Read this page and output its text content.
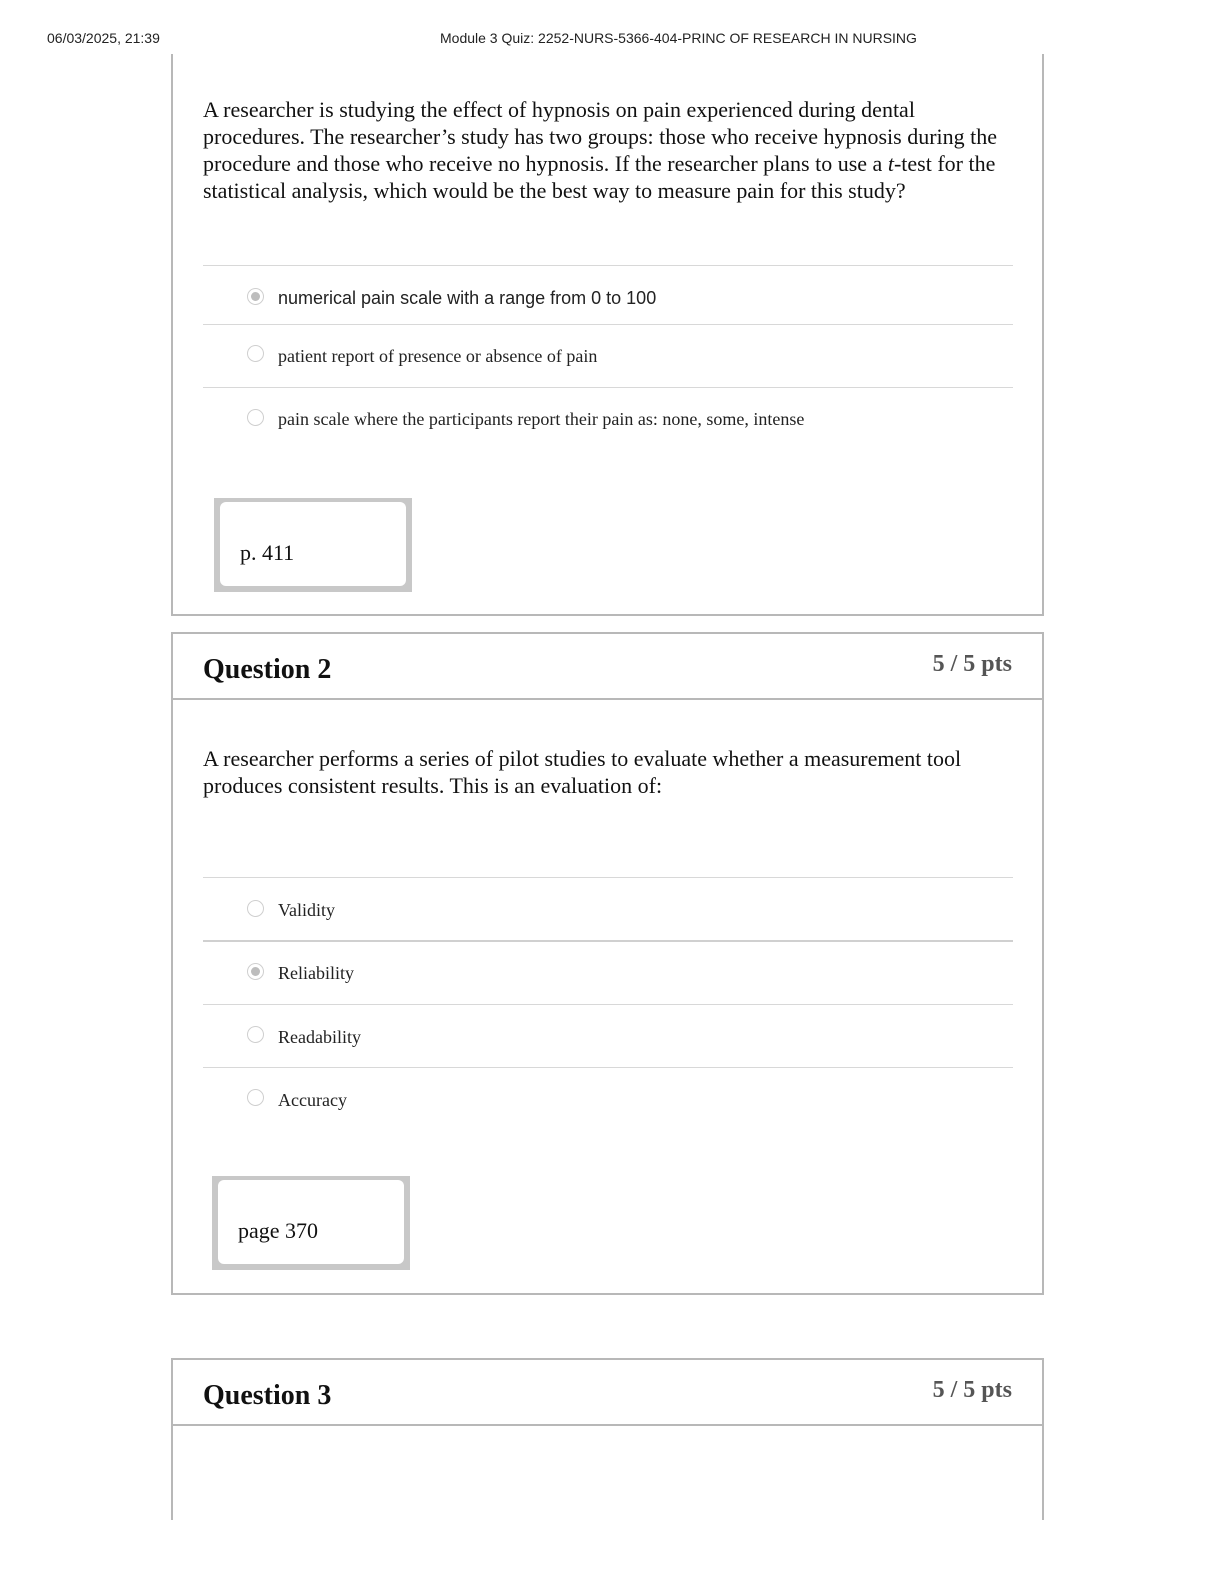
06/03/2025, 21:39	Module 3 Quiz: 2252-NURS-5366-404-PRINC OF RESEARCH IN NURSING
A researcher is studying the effect of hypnosis on pain experienced during dental procedures. The researcher’s study has two groups: those who receive hypnosis during the procedure and those who receive no hypnosis. If the researcher plans to use a t-test for the statistical analysis, which would be the best way to measure pain for this study?
numerical pain scale with a range from 0 to 100
patient report of presence or absence of pain
pain scale where the participants report their pain as: none, some, intense
p. 411
Question 2	5 / 5 pts
A researcher performs a series of pilot studies to evaluate whether a measurement tool produces consistent results. This is an evaluation of:
Validity
Reliability
Readability
Accuracy
page 370
Question 3	5 / 5 pts
